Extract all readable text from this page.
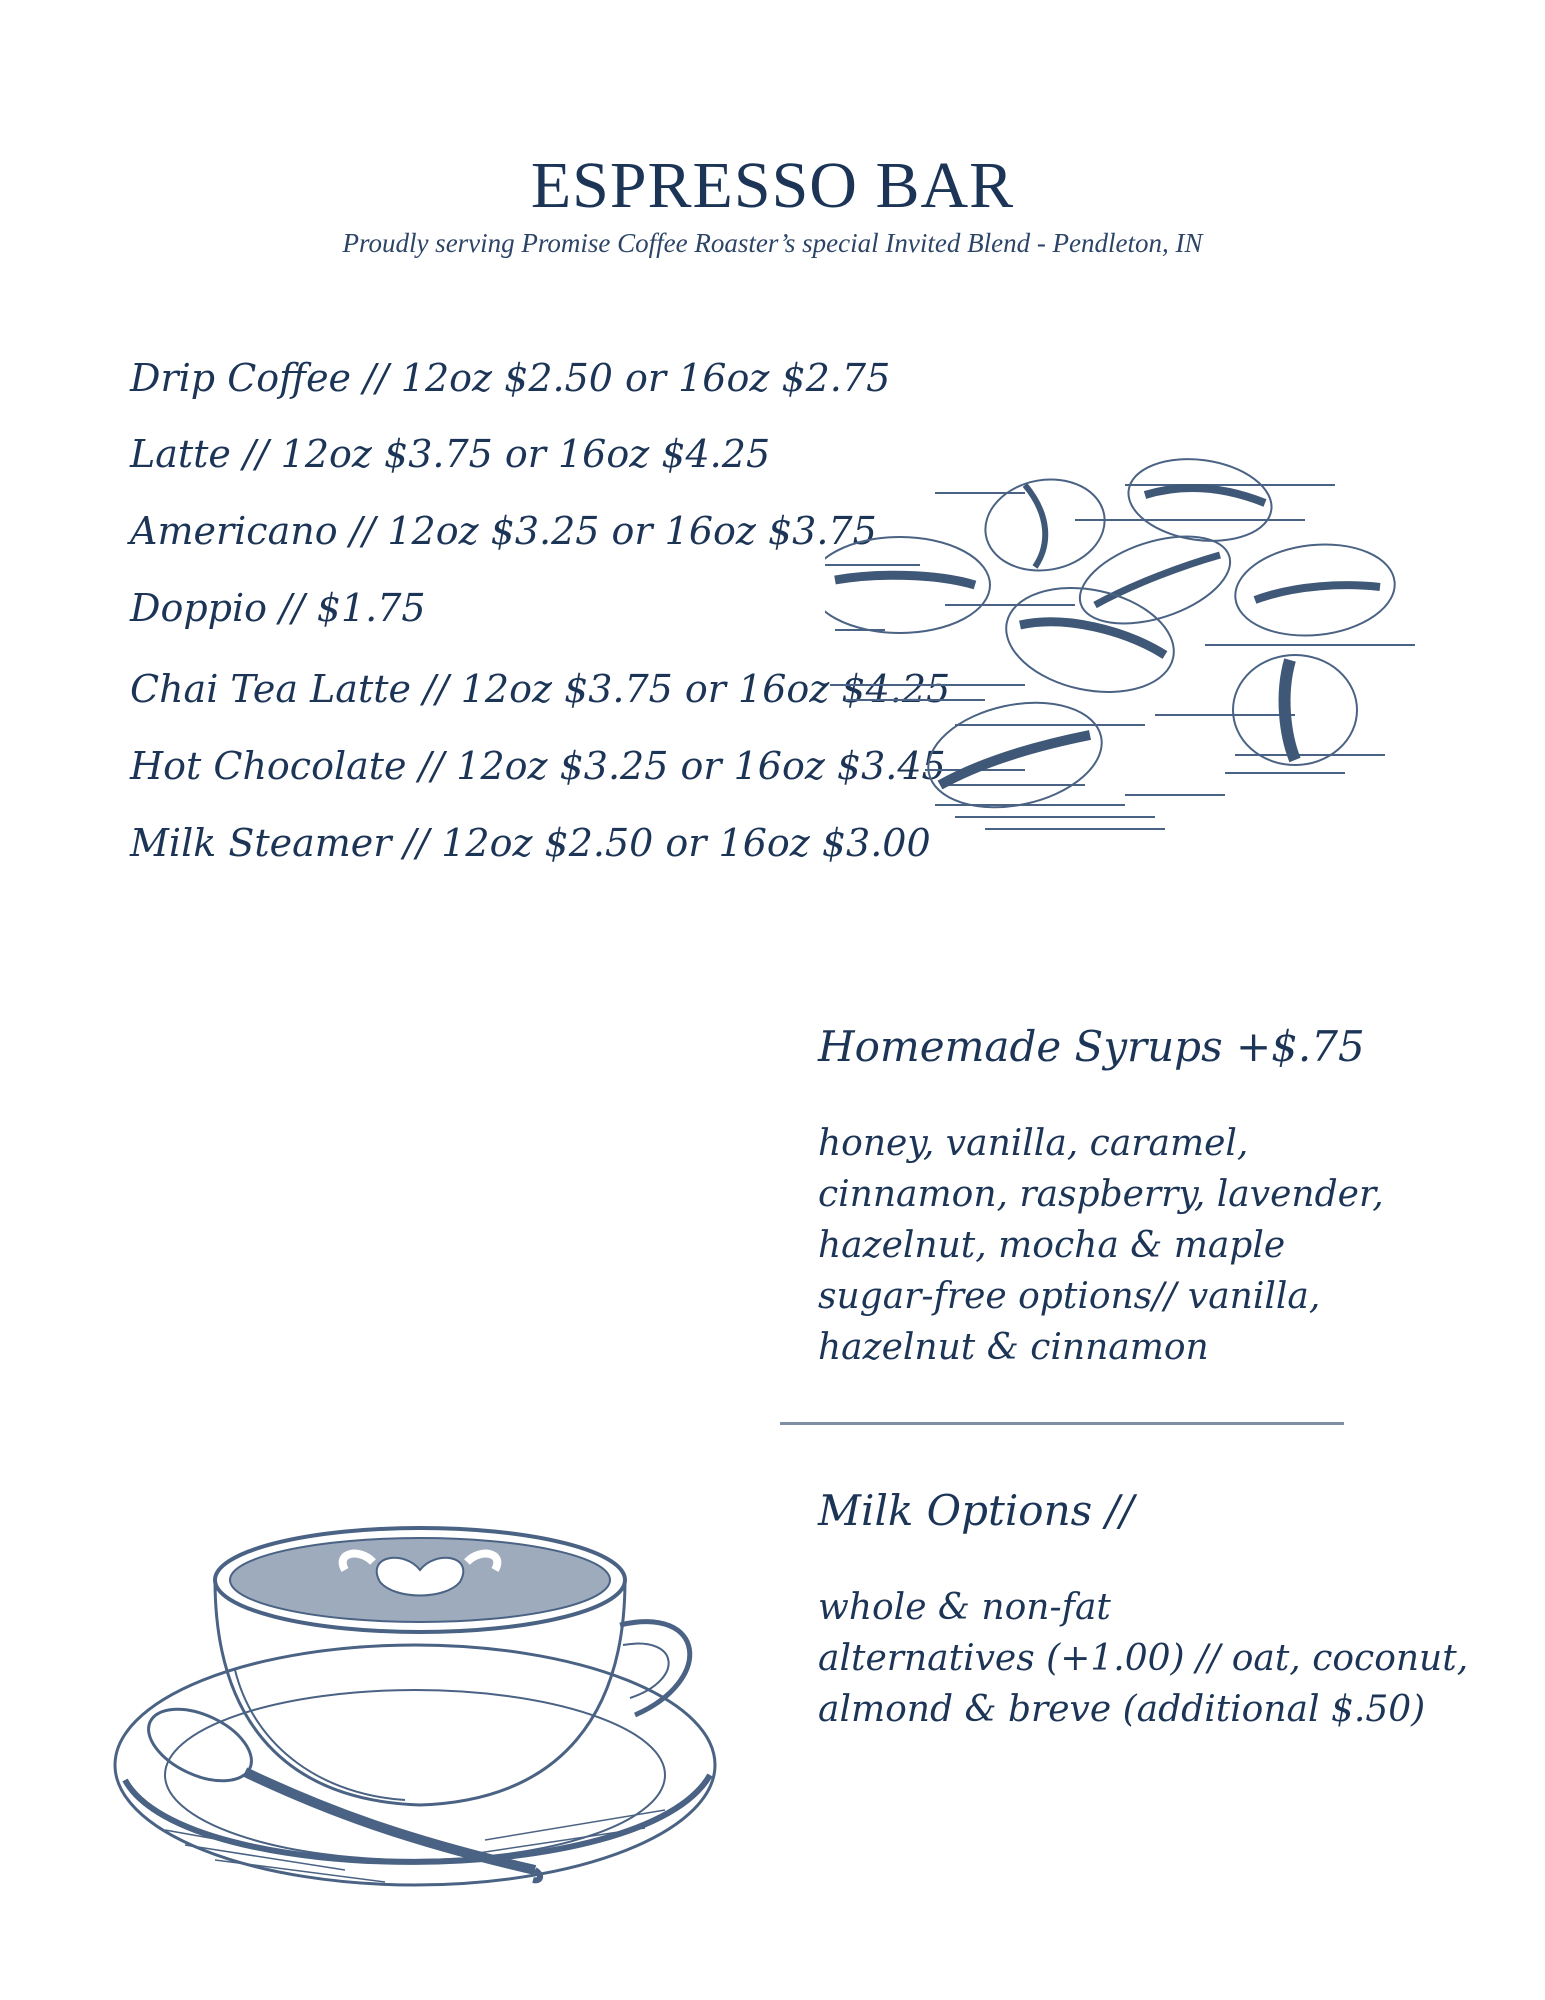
ESPRESSO BAR
Proudly serving Promise Coffee Roaster’s special Invited Blend - Pendleton, IN
Drip Coffee // 12oz $2.50 or 16oz $2.75
Latte // 12oz $3.75 or 16oz $4.25
Americano // 12oz $3.25 or 16oz $3.75
Doppio // $1.75
Chai Tea Latte // 12oz $3.75 or 16oz $4.25
Hot Chocolate // 12oz $3.25 or 16oz $3.45
Milk Steamer // 12oz $2.50 or 16oz $3.00
Homemade Syrups +$.75
honey, vanilla, caramel,
cinnamon, raspberry, lavender,
hazelnut, mocha & maple
sugar-free options// vanilla,
hazelnut & cinnamon
Milk Options //
whole & non-fat
alternatives (+1.00) // oat, coconut,
almond & breve (additional $.50)
